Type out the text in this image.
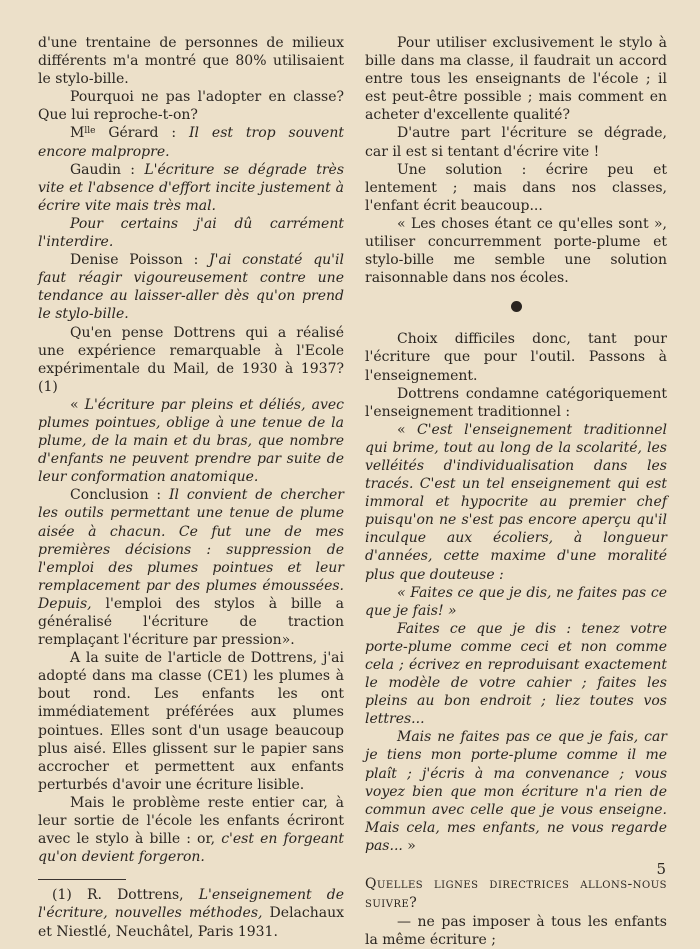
d'une trentaine de personnes de milieux différents m'a montré que 80% utilisaient le stylo-bille.

Pourquoi ne pas l'adopter en classe? Que lui reproche-t-on?

$M^{lle}$ Gérard : Il est trop souvent encore malpropre.

Gaudin : L'écriture se dégrade très vite et l'absence d'effort incite justement à écrire vite mais très mal.

Pour certains j'ai dû carrément l'interdire.

Denise Poisson : J'ai constaté qu'il faut réagir vigoureusement contre une tendance au laisser-aller dès qu'on prend le stylo-bille.

Qu'en pense Dottrens qui a réalisé une expérience remarquable à l'Ecole expérimentale du Mail, de 1930 à 1937? (1)

« L'écriture par pleins et déliés, avec plumes pointues, oblige à une tenue de la plume, de la main et du bras, que nombre d'enfants ne peuvent prendre par suite de leur conformation anatomique.

Conclusion : Il convient de chercher les outils permettant une tenue de plume aisée à chacun. Ce fut une de mes premières décisions : suppression de l'emploi des plumes pointues et leur remplacement par des plumes émoussées. Depuis, l'emploi des stylos à bille a généralisé l'écriture de traction remplaçant l'écriture par pression».

A la suite de l'article de Dottrens, j'ai adopté dans ma classe (CE1) les plumes à bout rond. Les enfants les ont immédiatement préférées aux plumes pointues. Elles sont d'un usage beaucoup plus aisé. Elles glissent sur le papier sans accrocher et permettent aux enfants perturbés d'avoir une écriture lisible.

Mais le problème reste entier car, à leur sortie de l'école les enfants écriront avec le stylo à bille : or, c'est en forgeant qu'on devient forgeron.

(1) R. Dottrens, L'enseignement de l'écriture, nouvelles méthodes, Delachaux et Niestlé, Neuchâtel, Paris 1931.

Pour utiliser exclusivement le stylo à bille dans ma classe, il faudrait un accord entre tous les enseignants de l'école ; il est peut-être possible ; mais comment en acheter d'excellente qualité?

D'autre part l'écriture se dégrade, car il est si tentant d'écrire vite !

Une solution : écrire peu et lentement ; mais dans nos classes, l'enfant écrit beaucoup...

« Les choses étant ce qu'elles sont », utiliser concurremment porte-plume et stylo-bille me semble une solution raisonnable dans nos écoles.

Choix difficiles donc, tant pour l'écriture que pour l'outil. Passons à l'enseignement.

Dottrens condamne catégoriquement l'enseignement traditionnel :

« C'est l'enseignement traditionnel qui brime, tout au long de la scolarité, les velléités d'individualisation dans les tracés. C'est un tel enseignement qui est immoral et hypocrite au premier chef puisqu'on ne s'est pas encore aperçu qu'il inculque aux écoliers, à longueur d'années, cette maxime d'une moralité plus que douteuse :

« Faites ce que je dis, ne faites pas ce que je fais! »

Faites ce que je dis : tenez votre porte-plume comme ceci et non comme cela ; écrivez en reproduisant exactement le modèle de votre cahier ; faites les pleins au bon endroit ; liez toutes vos lettres...

Mais ne faites pas ce que je fais, car je tiens mon porte-plume comme il me plaît ; j'écris à ma convenance ; vous voyez bien que mon écriture n'a rien de commun avec celle que je vous enseigne. Mais cela, mes enfants, ne vous regarde pas... »

Quelles lignes directrices allons-nous suivre?

— ne pas imposer à tous les enfants la même écriture ;

5
